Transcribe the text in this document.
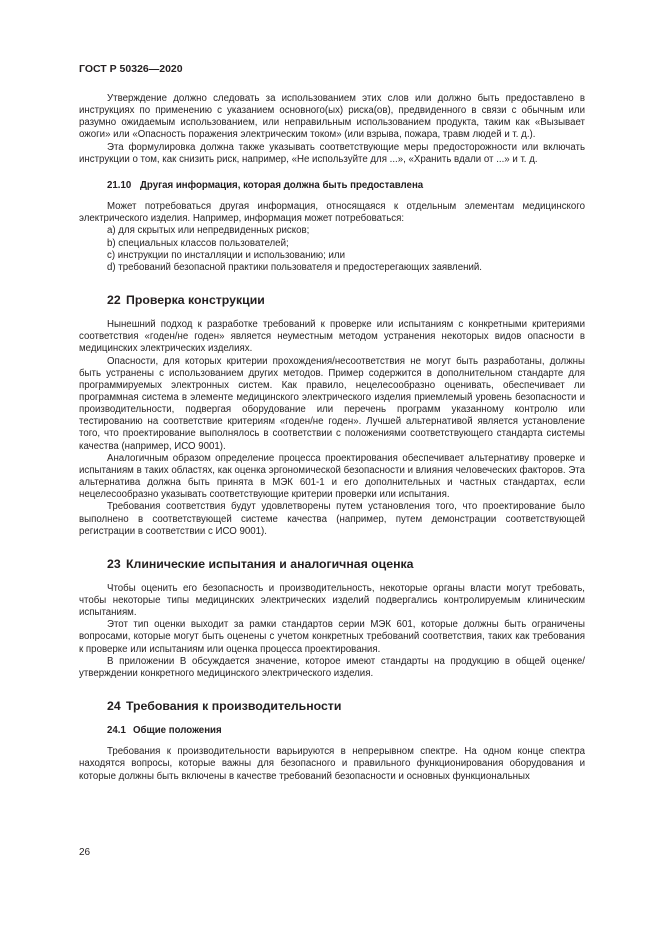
ГОСТ Р 50326—2020

Утверждение должно следовать за использованием этих слов или должно быть предоставлено в инструкциях по применению с указанием основного(ых) риска(ов), предвиденного в связи с обычным или разумно ожидаемым использованием, или неправильным использованием продукта, таким как «Вызывает ожоги» или «Опасность поражения электрическим током» (или взрыва, пожара, травм людей и т. д.).

Эта формулировка должна также указывать соответствующие меры предосторожности или включать инструкции о том, как снизить риск, например, «Не используйте для ...», «Хранить вдали от ...» и т. д.

21.10 Другая информация, которая должна быть предоставлена

Может потребоваться другая информация, относящаяся к отдельным элементам медицинского электрического изделия. Например, информация может потребоваться:

a) для скрытых или непредвиденных рисков;
b) специальных классов пользователей;
c) инструкции по инсталляции и использованию; или
d) требований безопасной практики пользователя и предостерегающих заявлений.
22 Проверка конструкции

Нынешний подход к разработке требований к проверке или испытаниям с конкретными критериями соответствия «годен/не годен» является неуместным методом устранения некоторых видов опасности в медицинских электрических изделиях.

Опасности, для которых критерии прохождения/несоответствия не могут быть разработаны, должны быть устранены с использованием других методов. Пример содержится в дополнительном стандарте для программируемых электронных систем. Как правило, нецелесообразно оценивать, обеспечивает ли программная система в элементе медицинского электрического изделия приемлемый уровень безопасности и производительности, подвергая оборудование или перечень программ указанному контролю или тестированию на соответствие критериям «годен/не годен». Лучшей альтернативой является установление того, что проектирование выполнялось в соответствии с положениями соответствующего стандарта системы качества (например, ИСО 9001).

Аналогичным образом определение процесса проектирования обеспечивает альтернативу проверке и испытаниям в таких областях, как оценка эргономической безопасности и влияния человеческих факторов. Эта альтернатива должна быть принята в МЭК 601-1 и его дополнительных и частных стандартах, если нецелесообразно указывать соответствующие критерии проверки или испытания.

Требования соответствия будут удовлетворены путем установления того, что проектирование было выполнено в соответствующей системе качества (например, путем демонстрации соответствующей регистрации в соответствии с ИСО 9001).

23 Клинические испытания и аналогичная оценка

Чтобы оценить его безопасность и производительность, некоторые органы власти могут требовать, чтобы некоторые типы медицинских электрических изделий подвергались контролируемым клиническим испытаниям.

Этот тип оценки выходит за рамки стандартов серии МЭК 601, которые должны быть ограничены вопросами, которые могут быть оценены с учетом конкретных требований соответствия, таких как требования к проверке или испытаниям или оценка процесса проектирования.

В приложении В обсуждается значение, которое имеют стандарты на продукцию в общей оценке/утверждении конкретного медицинского электрического изделия.

24 Требования к производительности
24.1 Общие положения

Требования к производительности варьируются в непрерывном спектре. На одном конце спектра находятся вопросы, которые важны для безопасного и правильного функционирования оборудования и которые должны быть включены в качестве требований безопасности и основных функциональных

26
